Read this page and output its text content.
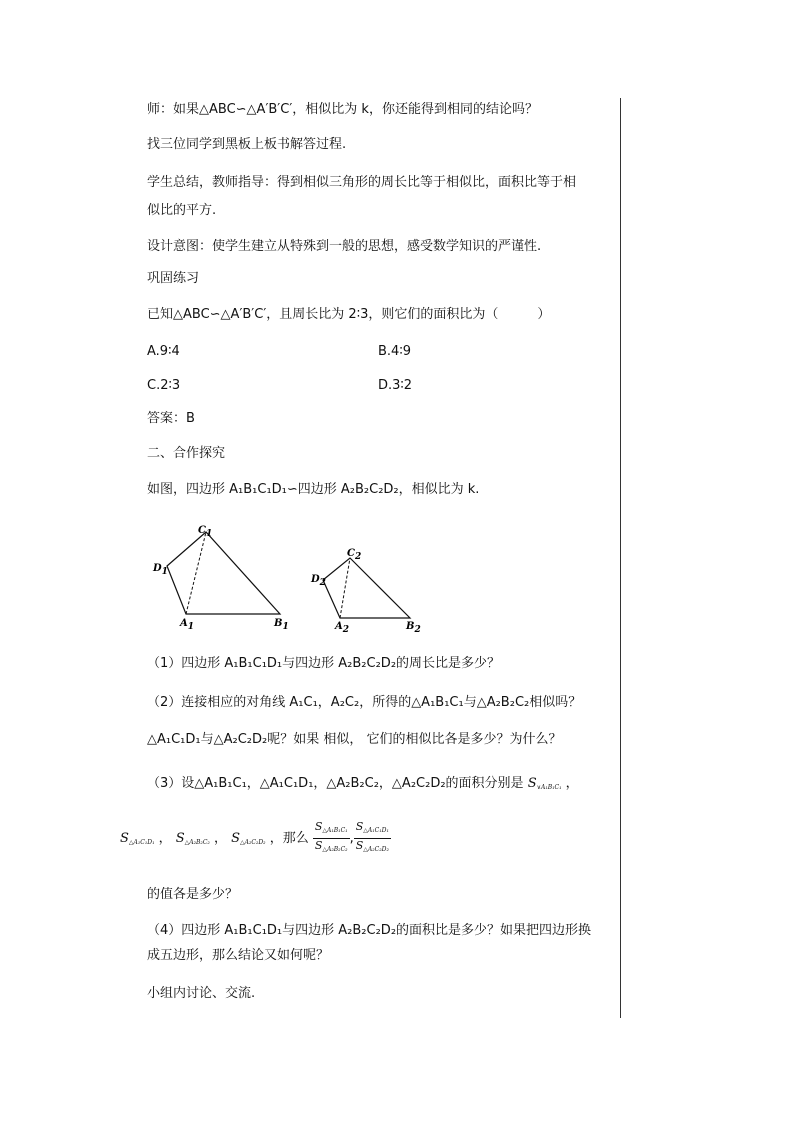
师：如果△ABC∽△A′B′C′，相似比为 k，你还能得到相同的结论吗？
找三位同学到黑板上板书解答过程.
学生总结，教师指导：得到相似三角形的周长比等于相似比，面积比等于相
似比的平方.
设计意图：使学生建立从特殊到一般的思想，感受数学知识的严谨性.
巩固练习
已知△ABC∽△A′B′C′，且周长比为 2∶3，则它们的面积比为（　　　）
A.9∶4	B.4∶9
C.2∶3	D.3∶2
答案：B
二、合作探究
如图，四边形 A₁B₁C₁D₁∽四边形 A₂B₂C₂D₂，相似比为 k.
C1
D1
A1	B1
C2
D2
A2	B2
（1）四边形 A₁B₁C₁D₁与四边形 A₂B₂C₂D₂的周长比是多少？
（2）连接相应的对角线 A₁C₁，A₂C₂，所得的△A₁B₁C₁与△A₂B₂C₂相似吗？
△A₁C₁D₁与△A₂C₂D₂呢？如果 相似， 它们的相似比各是多少？为什么？
（3）设△A₁B₁C₁，△A₁C₁D₁，△A₂B₂C₂，△A₂C₂D₂的面积分别是 S∨A₁B₁C₁ ，
S△A₁C₁D₁ ， S△A₂B₂C₂ ， S△A₂C₂D₂ ，那么 $\frac{\text{S△A₁B₁C₁}}{\text{S△A₂B₂C₂}}$ , $\frac{\text{S△A₁C₁D₁}}{\text{S△A₂C₂D₂}}$
的值各是多少？
（4）四边形 A₁B₁C₁D₁与四边形 A₂B₂C₂D₂的面积比是多少？如果把四边形换
成五边形，那么结论又如何呢？
小组内讨论、交流.
